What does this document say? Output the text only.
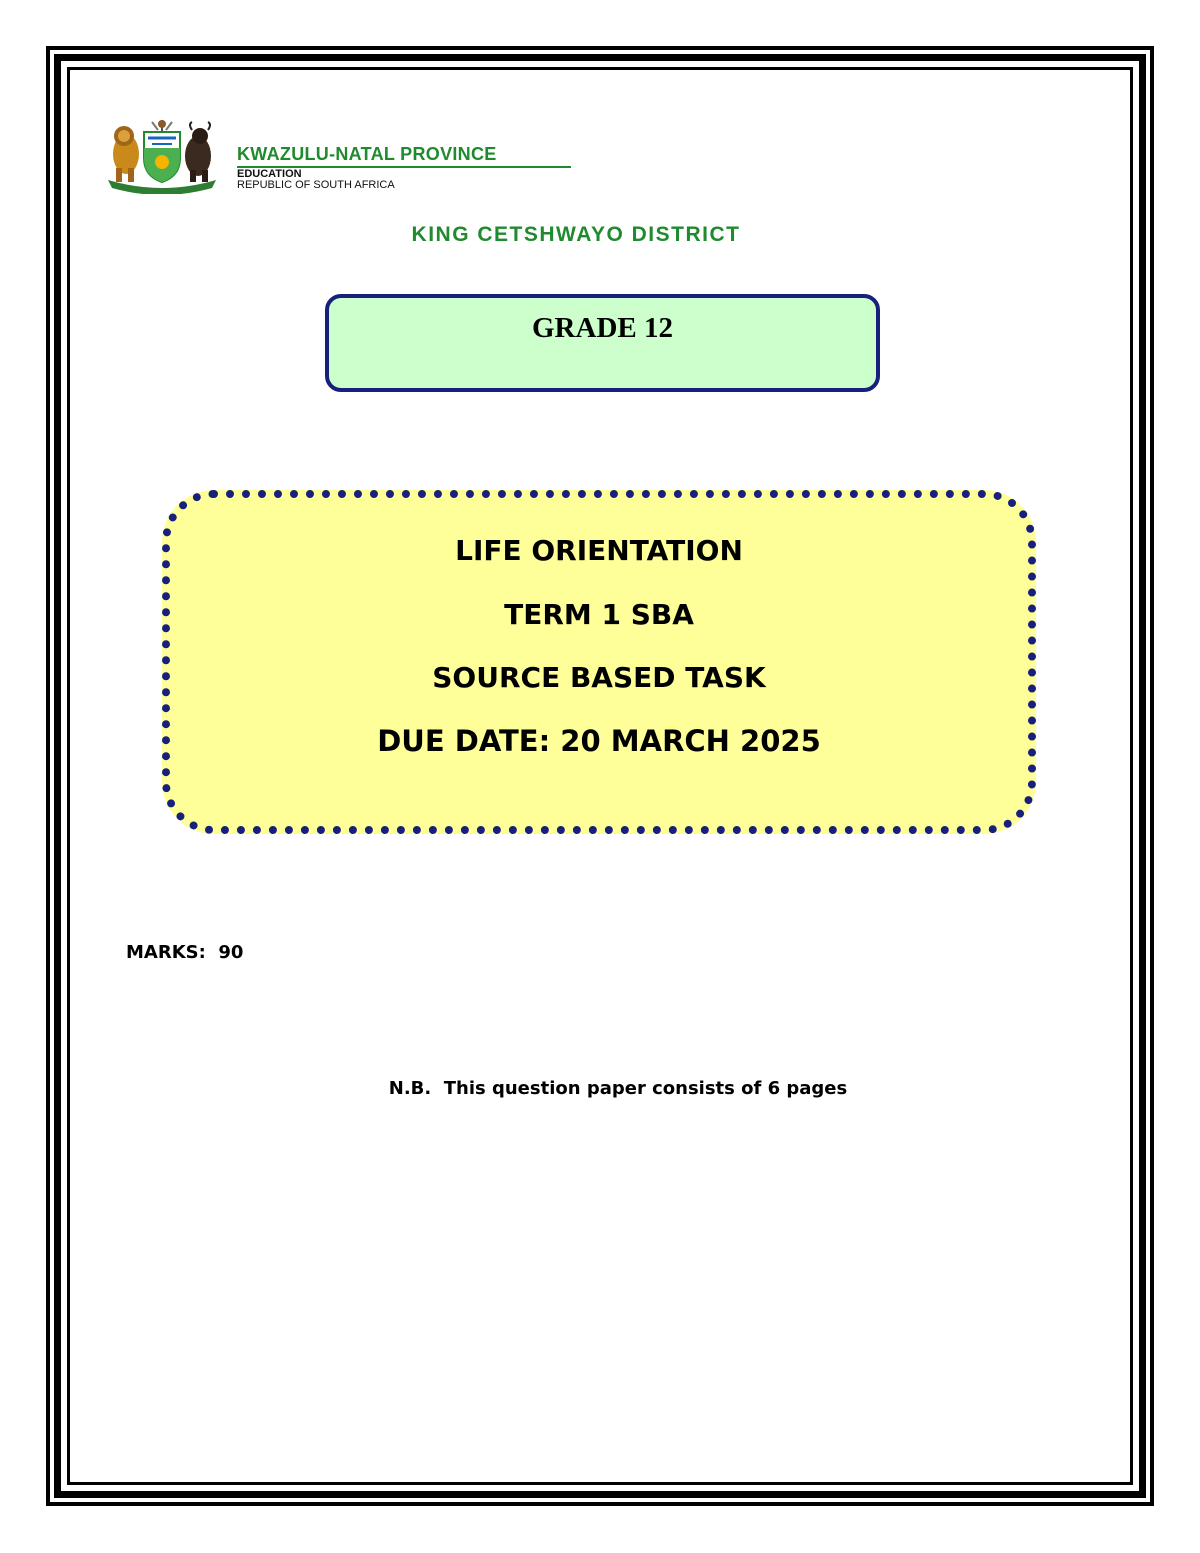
KWAZULU-NATAL PROVINCE
EDUCATION
REPUBLIC OF SOUTH AFRICA
KING CETSHWAYO DISTRICT
GRADE 12
LIFE ORIENTATION
TERM 1 SBA
SOURCE BASED TASK
DUE DATE: 20 MARCH 2025
MARKS:  90
N.B.  This question paper consists of 6 pages
